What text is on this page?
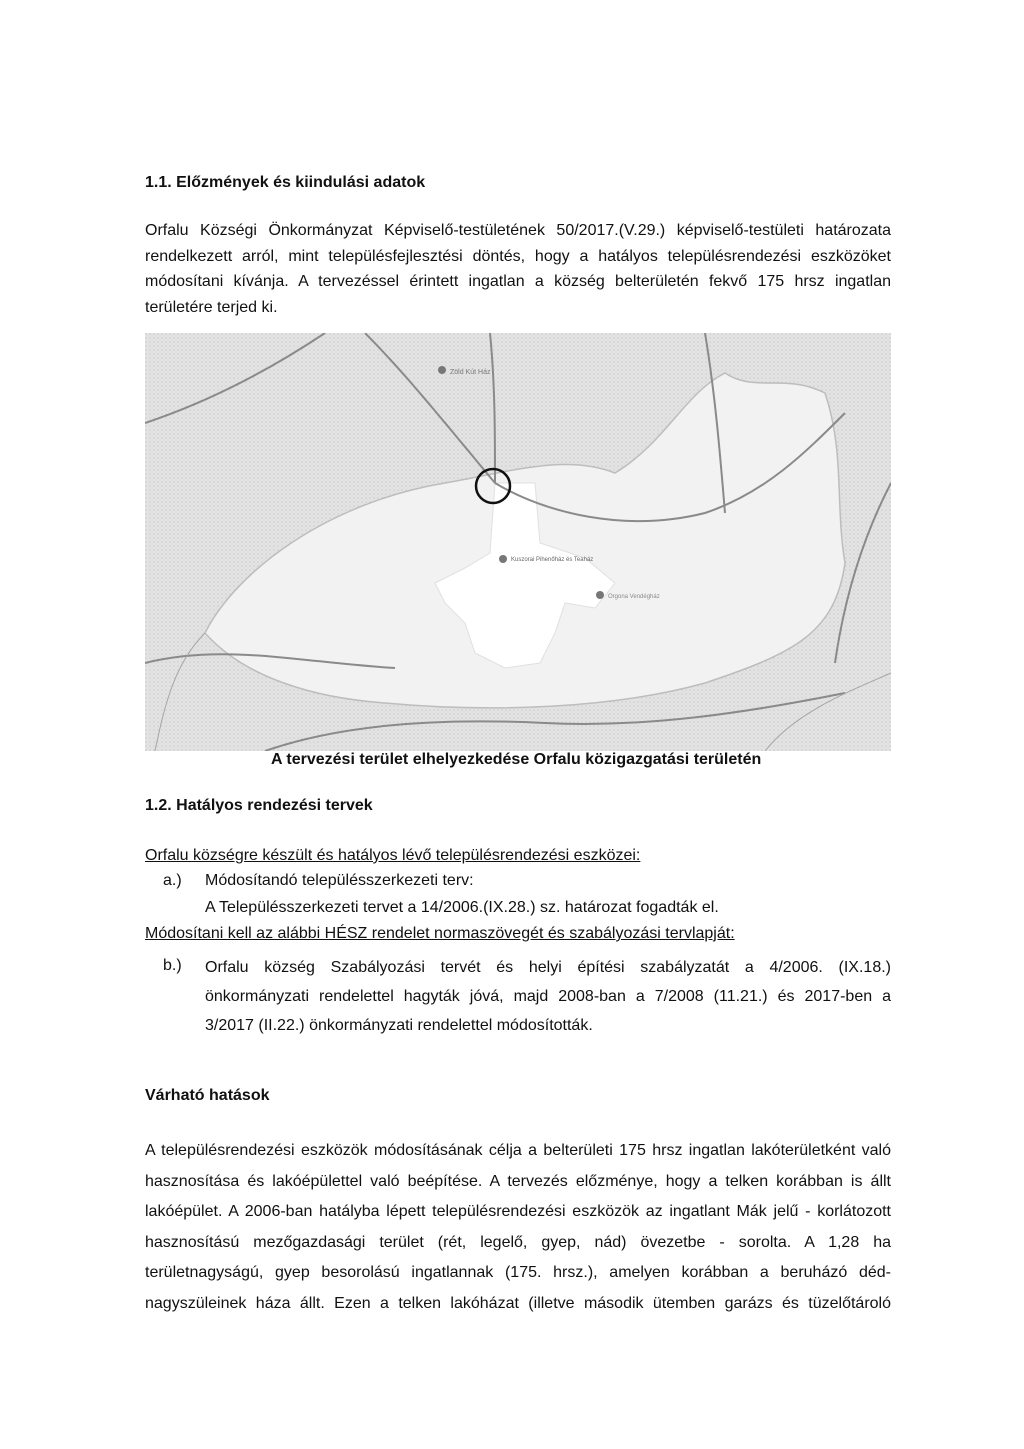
1.1. Előzmények és kiindulási adatok
Orfalu Községi Önkormányzat Képviselő-testületének 50/2017.(V.29.) képviselő-testületi határozata
rendelkezett arról, mint településfejlesztési döntés, hogy a hatályos településrendezési eszközöket
módosítani kívánja. A tervezéssel érintett ingatlan a község belterületén fekvő 175 hrsz ingatlan
területére terjed ki.
Zöld Kút Ház
Kuszorai Pihenőház és Teaház
Orgona Vendégház
A tervezési terület elhelyezkedése Orfalu közigazgatási területén
1.2. Hatályos rendezési tervek
Orfalu községre készült és hatályos lévő településrendezési eszközei:
a.) Módosítandó településszerkezeti terv:
A Településszerkezeti tervet a 14/2006.(IX.28.) sz. határozat fogadták el.
Módosítani kell az alábbi HÉSZ rendelet normaszövegét és szabályozási tervlapját:
b.) Orfalu község Szabályozási tervét és helyi építési szabályzatát a 4/2006. (IX.18.)
önkormányzati rendelettel hagyták jóvá, majd 2008-ban a 7/2008 (11.21.) és 2017-ben a
3/2017 (II.22.) önkormányzati rendelettel módosították.
Várható hatások
A településrendezési eszközök módosításának célja a belterületi 175 hrsz ingatlan lakóterületként való
hasznosítása és lakóépülettel való beépítése. A tervezés előzménye, hogy a telken korábban is állt
lakóépület. A 2006-ban hatályba lépett településrendezési eszközök az ingatlant Mák jelű - korlátozott
hasznosítású mezőgazdasági terület (rét, legelő, gyep, nád) övezetbe - sorolta. A 1,28 ha
területnagyságú, gyep besorolású ingatlannak (175. hrsz.), amelyen korábban a beruházó déd-
nagyszüleinek háza állt. Ezen a telken lakóházat (illetve második ütemben garázs és tüzelőtároló
